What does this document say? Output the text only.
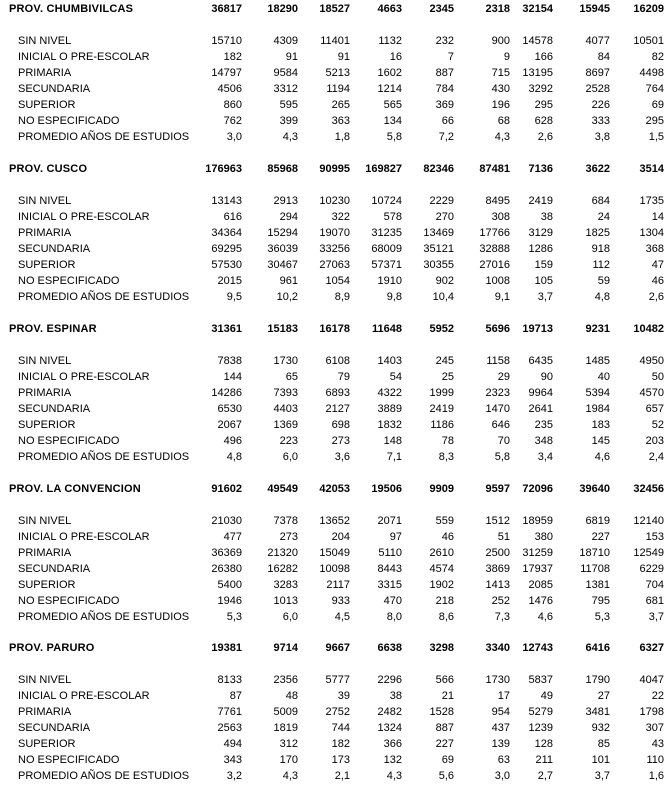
PROV. CHUMBIVILCAS	36817	18290	18527	4663	2345	2318	32154	15945	16209
SIN NIVEL	15710	4309	11401	1132	232	900	14578	4077	10501
INICIAL O PRE-ESCOLAR	182	91	91	16	7	9	166	84	82
PRIMARIA	14797	9584	5213	1602	887	715	13195	8697	4498
SECUNDARIA	4506	3312	1194	1214	784	430	3292	2528	764
SUPERIOR	860	595	265	565	369	196	295	226	69
NO ESPECIFICADO	762	399	363	134	66	68	628	333	295
PROMEDIO AÑOS DE ESTUDIOS	3,0	4,3	1,8	5,8	7,2	4,3	2,6	3,8	1,5
PROV. CUSCO	176963	85968	90995	169827	82346	87481	7136	3622	3514
SIN NIVEL	13143	2913	10230	10724	2229	8495	2419	684	1735
INICIAL O PRE-ESCOLAR	616	294	322	578	270	308	38	24	14
PRIMARIA	34364	15294	19070	31235	13469	17766	3129	1825	1304
SECUNDARIA	69295	36039	33256	68009	35121	32888	1286	918	368
SUPERIOR	57530	30467	27063	57371	30355	27016	159	112	47
NO ESPECIFICADO	2015	961	1054	1910	902	1008	105	59	46
PROMEDIO AÑOS DE ESTUDIOS	9,5	10,2	8,9	9,8	10,4	9,1	3,7	4,8	2,6
PROV. ESPINAR	31361	15183	16178	11648	5952	5696	19713	9231	10482
SIN NIVEL	7838	1730	6108	1403	245	1158	6435	1485	4950
INICIAL O PRE-ESCOLAR	144	65	79	54	25	29	90	40	50
PRIMARIA	14286	7393	6893	4322	1999	2323	9964	5394	4570
SECUNDARIA	6530	4403	2127	3889	2419	1470	2641	1984	657
SUPERIOR	2067	1369	698	1832	1186	646	235	183	52
NO ESPECIFICADO	496	223	273	148	78	70	348	145	203
PROMEDIO AÑOS DE ESTUDIOS	4,8	6,0	3,6	7,1	8,3	5,8	3,4	4,6	2,4
PROV. LA CONVENCION	91602	49549	42053	19506	9909	9597	72096	39640	32456
SIN NIVEL	21030	7378	13652	2071	559	1512	18959	6819	12140
INICIAL O PRE-ESCOLAR	477	273	204	97	46	51	380	227	153
PRIMARIA	36369	21320	15049	5110	2610	2500	31259	18710	12549
SECUNDARIA	26380	16282	10098	8443	4574	3869	17937	11708	6229
SUPERIOR	5400	3283	2117	3315	1902	1413	2085	1381	704
NO ESPECIFICADO	1946	1013	933	470	218	252	1476	795	681
PROMEDIO AÑOS DE ESTUDIOS	5,3	6,0	4,5	8,0	8,6	7,3	4,6	5,3	3,7
PROV. PARURO	19381	9714	9667	6638	3298	3340	12743	6416	6327
SIN NIVEL	8133	2356	5777	2296	566	1730	5837	1790	4047
INICIAL O PRE-ESCOLAR	87	48	39	38	21	17	49	27	22
PRIMARIA	7761	5009	2752	2482	1528	954	5279	3481	1798
SECUNDARIA	2563	1819	744	1324	887	437	1239	932	307
SUPERIOR	494	312	182	366	227	139	128	85	43
NO ESPECIFICADO	343	170	173	132	69	63	211	101	110
PROMEDIO AÑOS DE ESTUDIOS	3,2	4,3	2,1	4,3	5,6	3,0	2,7	3,7	1,6
